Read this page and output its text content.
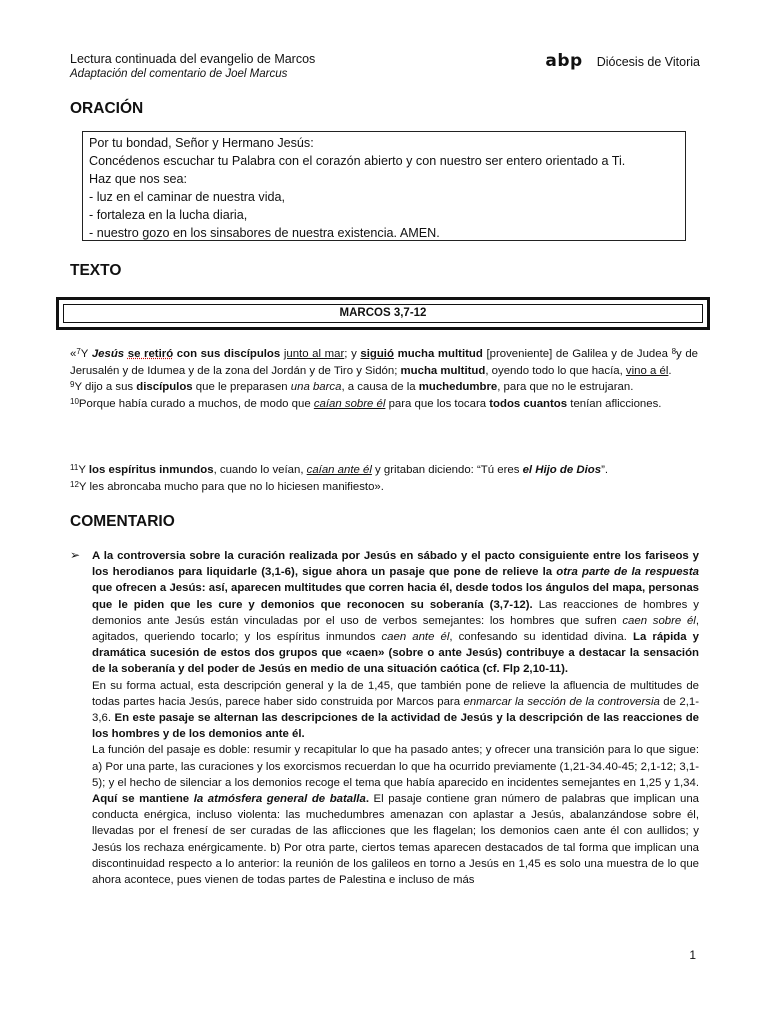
Lectura continuada del evangelio de Marcos
Adaptación del comentario de Joel Marcus
abp Diócesis de Vitoria
ORACIÓN
Por tu bondad, Señor y Hermano Jesús:
Concédenos escuchar tu Palabra con el corazón abierto y con nuestro ser entero orientado a Ti.
Haz que nos sea:
- luz en el caminar de nuestra vida,
- fortaleza en la lucha diaria,
- nuestro gozo en los sinsabores de nuestra existencia. AMEN.
TEXTO
MARCOS 3,7-12
«$^7$Y Jesús se retiró con sus discípulos junto al mar; y siguió mucha multitud [proveniente] de Galilea y de Judea $^8$y de Jerusalén y de Idumea y de la zona del Jordán y de Tiro y Sidón; mucha multitud, oyendo todo lo que hacía, vino a él.
$^9$Y dijo a sus discípulos que le preparasen una barca, a causa de la muchedumbre, para que no le estrujaran.
$^{10}$Porque había curado a muchos, de modo que caían sobre él para que los tocara todos cuantos tenían aflicciones.
$^{11}$Y los espíritus inmundos, cuando lo veían, caían ante él y gritaban diciendo: “Tú eres el Hijo de Dios”.
$^{12}$Y les abroncaba mucho para que no lo hiciesen manifiesto».
COMENTARIO
➢ A la controversia sobre la curación realizada por Jesús en sábado y el pacto consiguiente entre los fariseos y los herodianos para liquidarle (3,1-6), sigue ahora un pasaje que pone de relieve la otra parte de la respuesta que ofrecen a Jesús: así, aparecen multitudes que corren hacia él, desde todos los ángulos del mapa, personas que le piden que les cure y demonios que reconocen su soberanía (3,7-12). Las reacciones de hombres y demonios ante Jesús están vinculadas por el uso de verbos semejantes: los hombres que sufren caen sobre él, agitados, queriendo tocarlo; y los espíritus inmundos caen ante él, confesando su identidad divina. La rápida y dramática sucesión de estos dos grupos que «caen» (sobre o ante Jesús) contribuye a destacar la sensación de la soberanía y del poder de Jesús en medio de una situación caótica (cf. Flp 2,10-11).

En su forma actual, esta descripción general y la de 1,45, que también pone de relieve la afluencia de multitudes de todas partes hacia Jesús, parece haber sido construida por Marcos para enmarcar la sección de la controversia de 2,1-3,6. En este pasaje se alternan las descripciones de la actividad de Jesús y la descripción de las reacciones de los hombres y de los demonios ante él.

La función del pasaje es doble: resumir y recapitular lo que ha pasado antes; y ofrecer una transición para lo que sigue: a) Por una parte, las curaciones y los exorcismos recuerdan lo que ha ocurrido previamente (1,21-34.40-45; 2,1-12; 3,1-5); y el hecho de silenciar a los demonios recoge el tema que había aparecido en incidentes semejantes en 1,25 y 1,34. Aquí se mantiene la atmósfera general de batalla. El pasaje contiene gran número de palabras que implican una conducta enérgica, incluso violenta: las muchedumbres amenazan con aplastar a Jesús, abalanzándose sobre él, llevadas por el frenesí de ser curadas de las aflicciones que les flagelan; los demonios caen ante él con aullidos; y Jesús los rechaza enérgicamente. b) Por otra parte, ciertos temas aparecen destacados de tal forma que implican una discontinuidad respecto a lo anterior: la reunión de los galileos en torno a Jesús en 1,45 es solo una muestra de lo que ahora acontece, pues vienen de todas partes de Palestina e incluso de más

1
